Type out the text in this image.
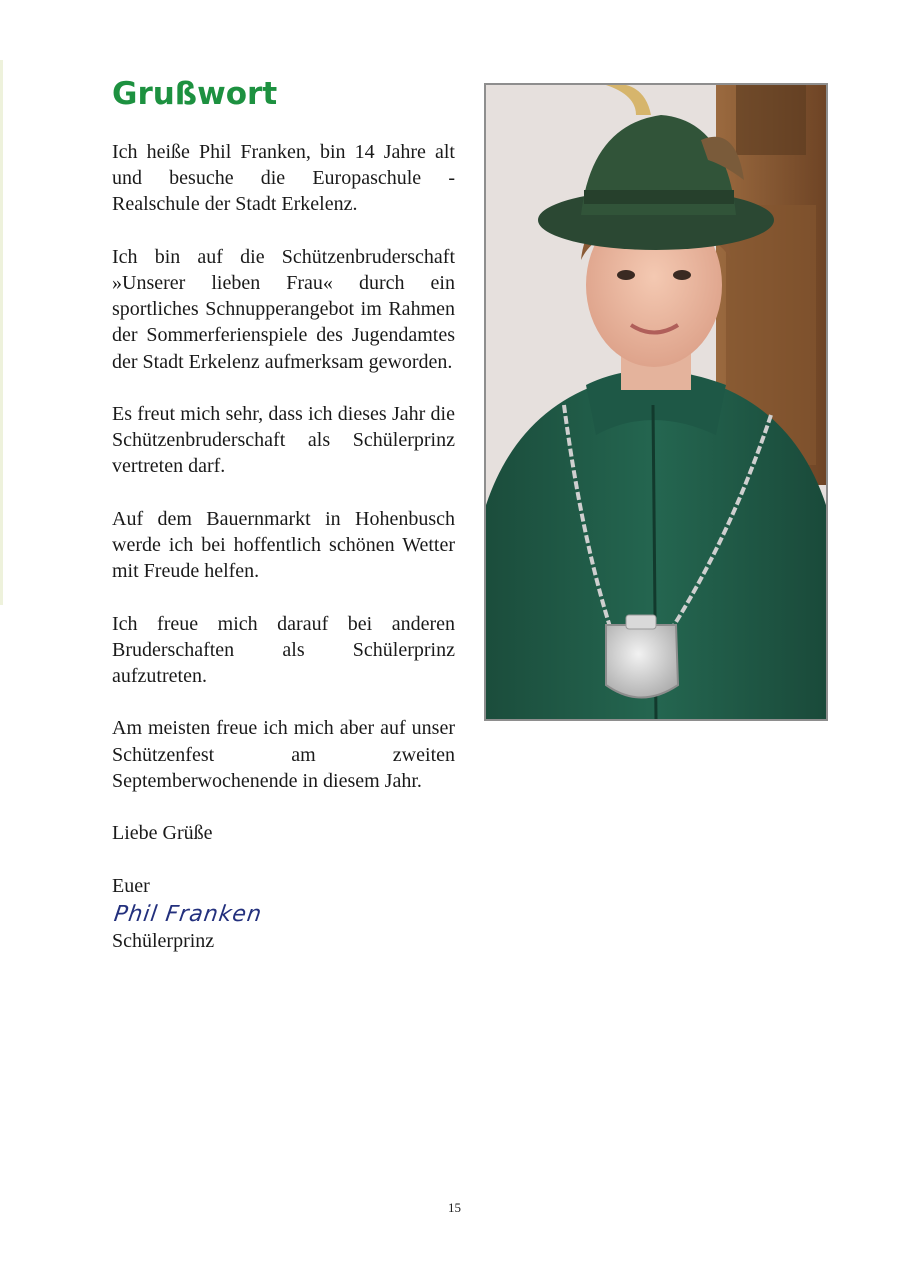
Grußwort

Ich heiße Phil Franken, bin 14 Jahre alt und besuche die Europaschule - Realschule der Stadt Erkelenz.

Ich bin auf die Schützenbruderschaft »Unserer lieben Frau« durch ein sportliches Schnupperangebot im Rahmen der Sommerferienspiele des Jugendamtes der Stadt Erkelenz aufmerksam geworden.

Es freut mich sehr, dass ich dieses Jahr die Schützenbruderschaft als Schülerprinz vertreten darf.

Auf dem Bauernmarkt in Hohenbusch werde ich bei hoffentlich schönen Wetter mit Freude helfen.

Ich freue mich darauf bei anderen Bruderschaften als Schülerprinz aufzutreten.

Am meisten freue ich mich aber auf unser Schützenfest am zweiten Septemberwochenende in diesem Jahr.

Liebe Grüße

Euer

Phil Franken

Schülerprinz

15
